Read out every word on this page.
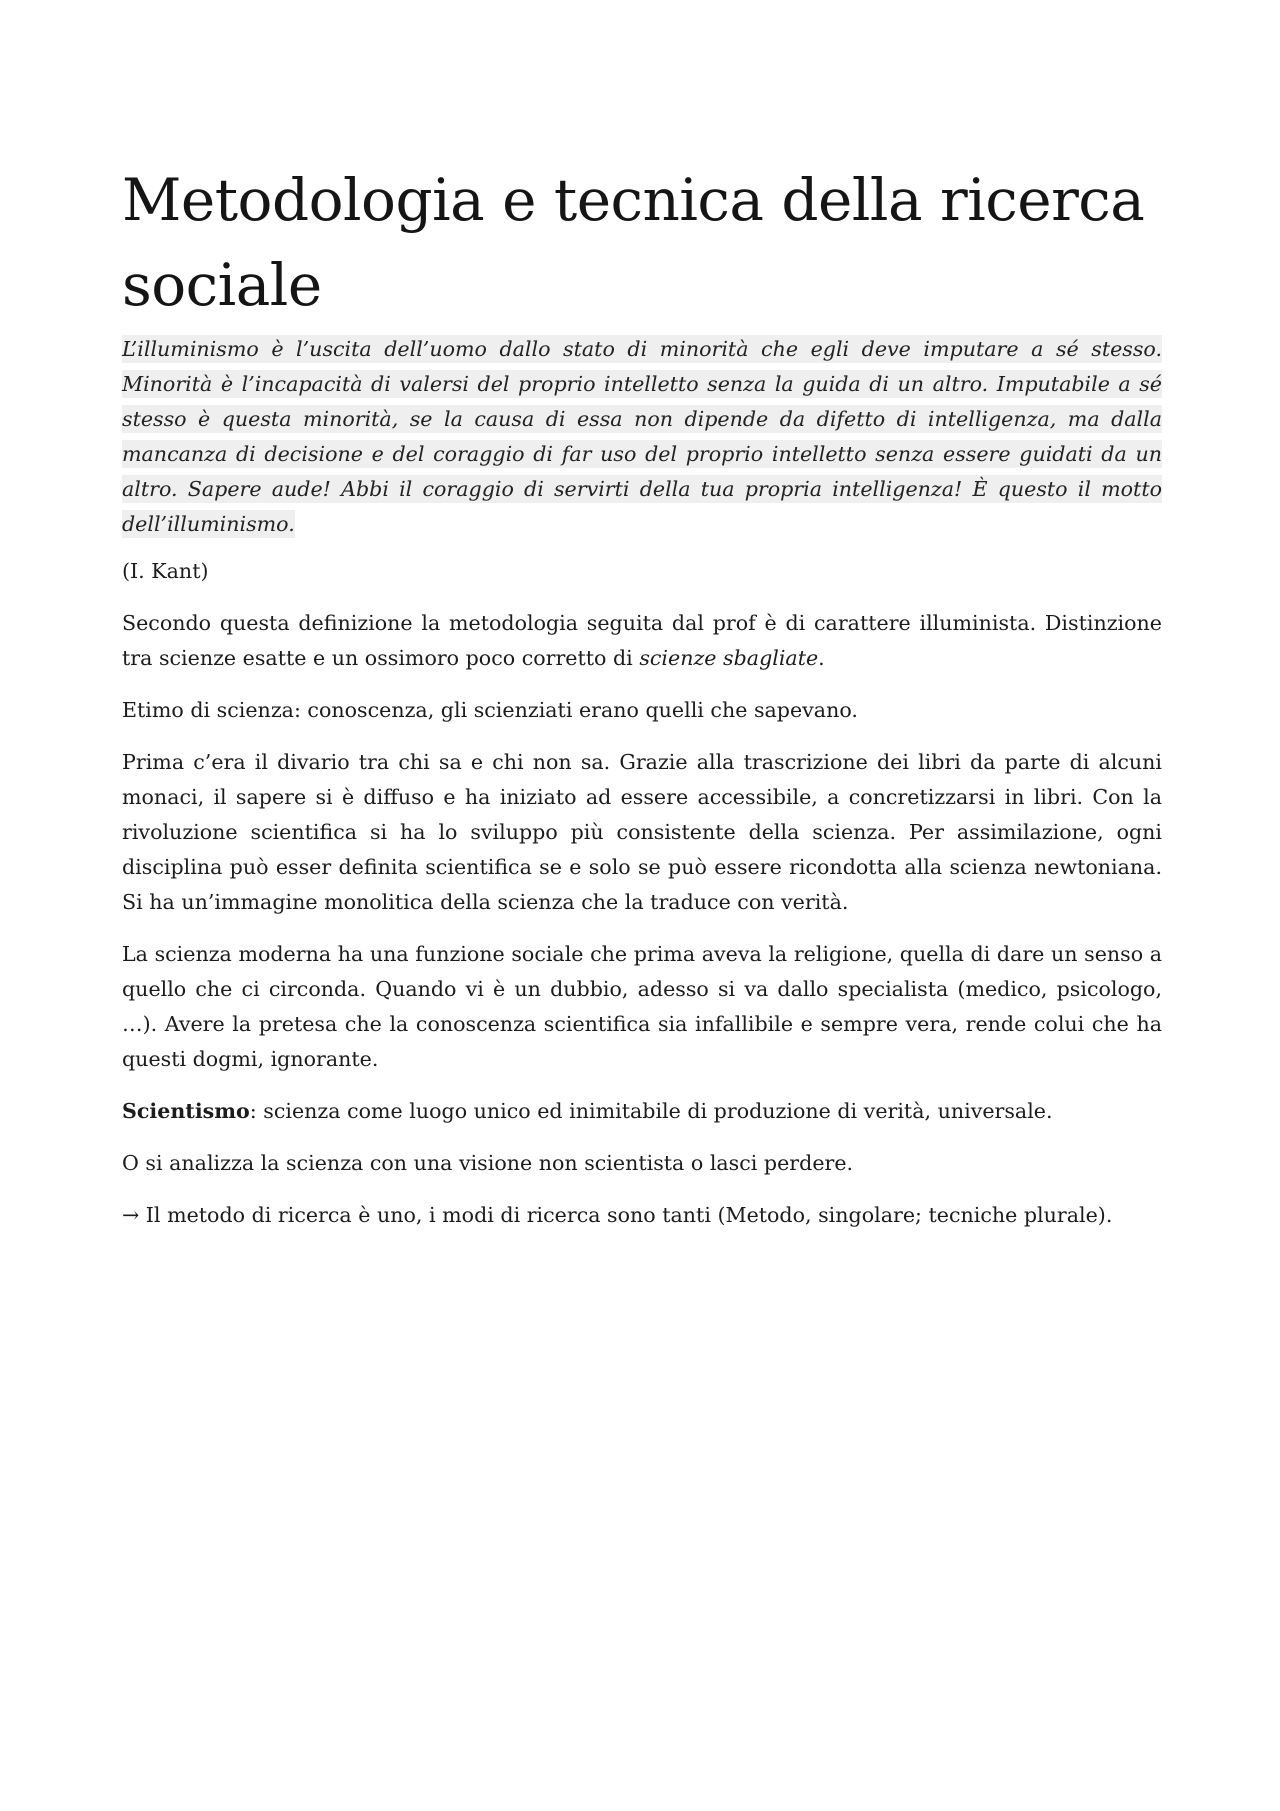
Metodologia e tecnica della ricerca sociale
L’illuminismo è l’uscita dell’uomo dallo stato di minorità che egli deve imputare a sé stesso. Minorità è l’incapacità di valersi del proprio intelletto senza la guida di un altro. Imputabile a sé stesso è questa minorità, se la causa di essa non dipende da difetto di intelligenza, ma dalla mancanza di decisione e del coraggio di far uso del proprio intelletto senza essere guidati da un altro. Sapere aude! Abbi il coraggio di servirti della tua propria intelligenza! È questo il motto dell’illuminismo.

(I. Kant)

Secondo questa definizione la metodologia seguita dal prof è di carattere illuminista. Distinzione tra scienze esatte e un ossimoro poco corretto di scienze sbagliate.

Etimo di scienza: conoscenza, gli scienziati erano quelli che sapevano.

Prima c’era il divario tra chi sa e chi non sa. Grazie alla trascrizione dei libri da parte di alcuni monaci, il sapere si è diffuso e ha iniziato ad essere accessibile, a concretizzarsi in libri. Con la rivoluzione scientifica si ha lo sviluppo più consistente della scienza. Per assimilazione, ogni disciplina può esser definita scientifica se e solo se può essere ricondotta alla scienza newtoniana. Si ha un’immagine monolitica della scienza che la traduce con verità.

La scienza moderna ha una funzione sociale che prima aveva la religione, quella di dare un senso a quello che ci circonda. Quando vi è un dubbio, adesso si va dallo specialista (medico, psicologo, …). Avere la pretesa che la conoscenza scientifica sia infallibile e sempre vera, rende colui che ha questi dogmi, ignorante.

Scientismo: scienza come luogo unico ed inimitabile di produzione di verità, universale.

O si analizza la scienza con una visione non scientista o lasci perdere.

→ Il metodo di ricerca è uno, i modi di ricerca sono tanti (Metodo, singolare; tecniche plurale).
